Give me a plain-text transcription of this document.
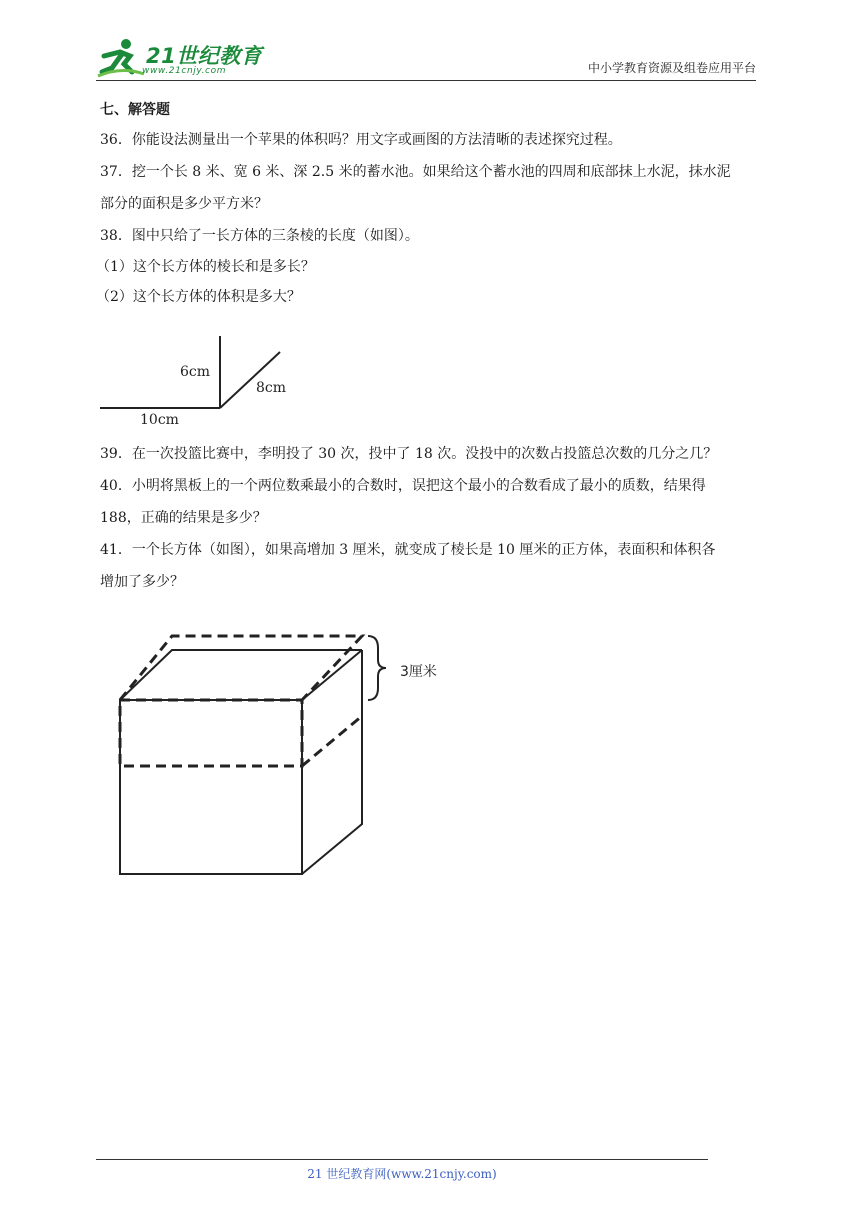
21世纪教育
www.21cnjy.com	中小学教育资源及组卷应用平台
七、解答题

36．你能设法测量出一个苹果的体积吗？用文字或画图的方法清晰的表述探究过程。

37．挖一个长 8 米、宽 6 米、深 2.5 米的蓄水池。如果给这个蓄水池的四周和底部抹上水泥，抹水泥

部分的面积是多少平方米？

38．图中只给了一长方体的三条棱的长度（如图）。

（1）这个长方体的棱长和是多长？

（2）这个长方体的体积是多大？

6cm
8cm
10cm

39．在一次投篮比赛中，李明投了 30 次，投中了 18 次。没投中的次数占投篮总次数的几分之几？

40．小明将黑板上的一个两位数乘最小的合数时，误把这个最小的合数看成了最小的质数，结果得

188，正确的结果是多少？

41．一个长方体（如图），如果高增加 3 厘米，就变成了棱长是 10 厘米的正方体，表面积和体积各

增加了多少？

3厘米
21 世纪教育网(www.21cnjy.com)
